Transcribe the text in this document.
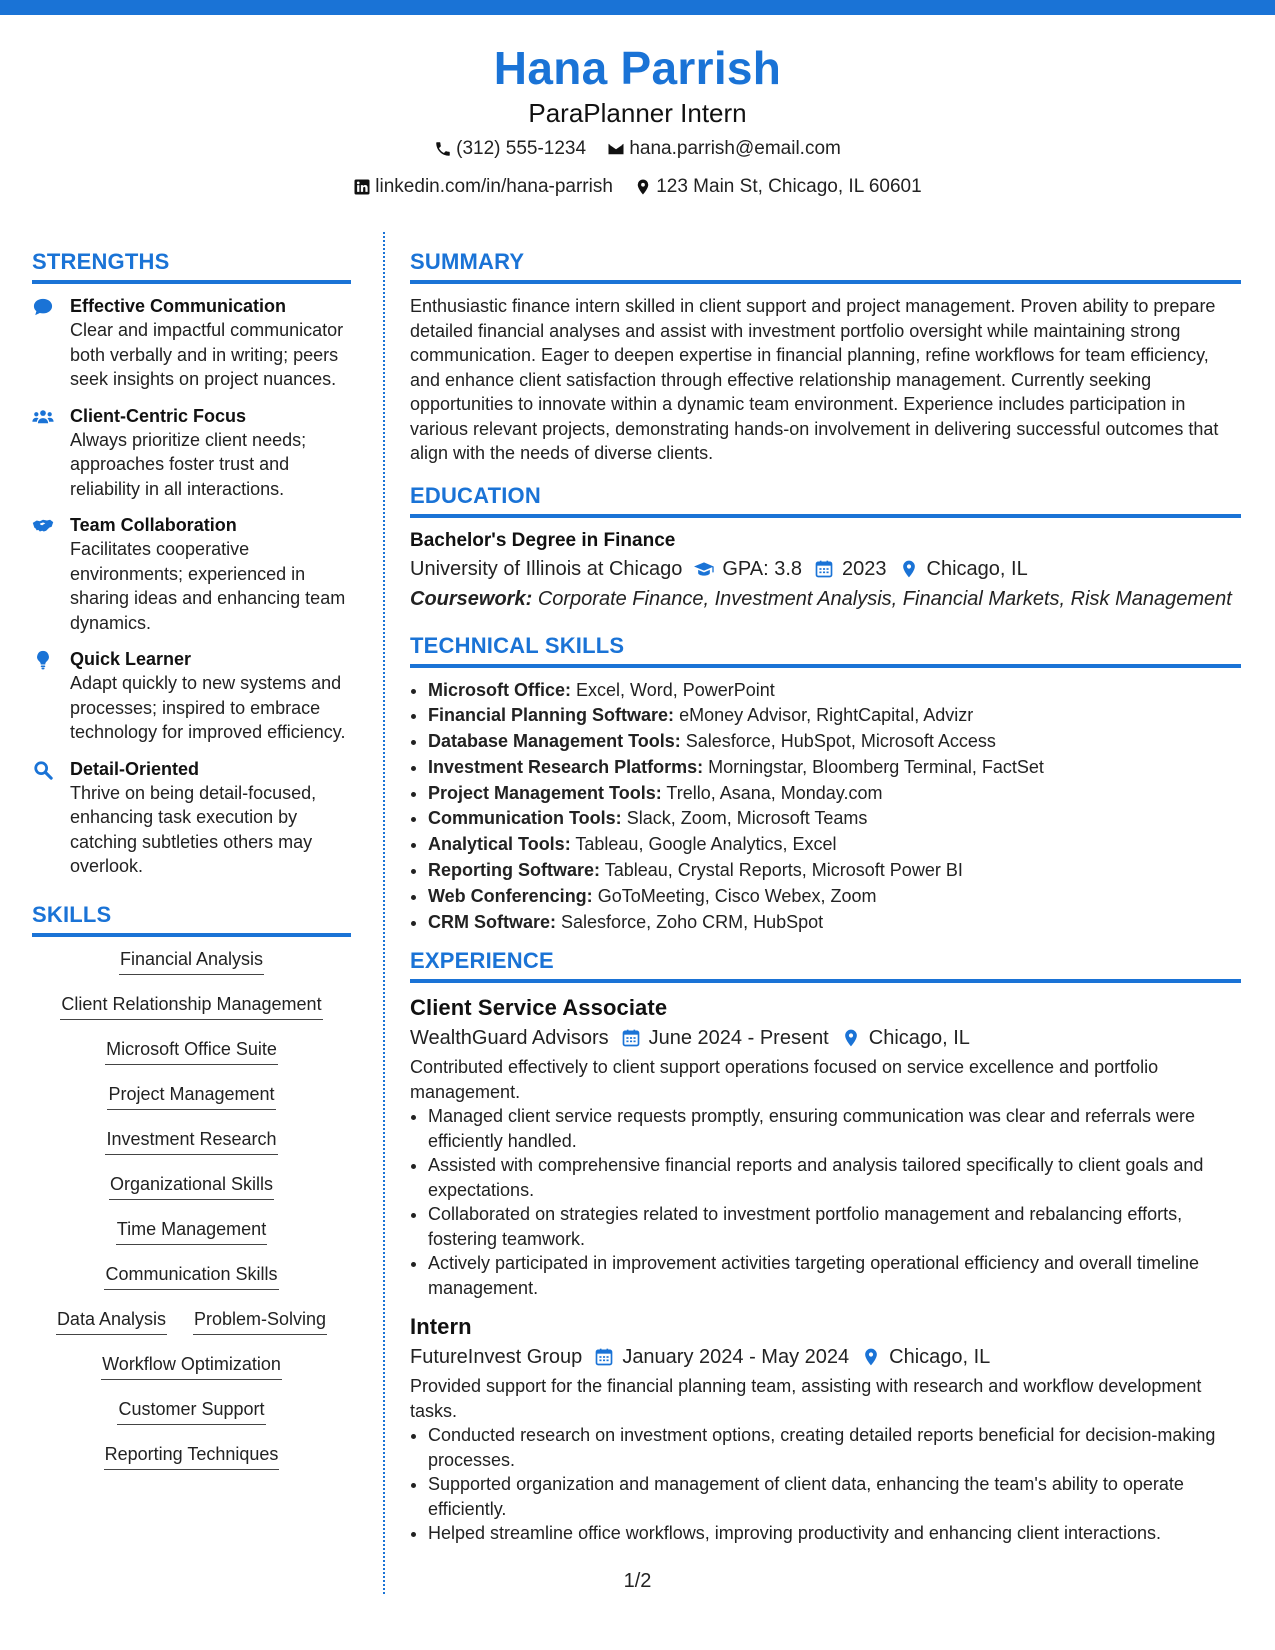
Hana Parrish
ParaPlanner Intern
(312) 555-1234
hana.parrish@email.com
linkedin.com/in/hana-parrish
123 Main St, Chicago, IL 60601
STRENGTHS
Effective Communication
Clear and impactful communicator both verbally and in writing; peers seek insights on project nuances.
Client-Centric Focus
Always prioritize client needs; approaches foster trust and reliability in all interactions.
Team Collaboration
Facilitates cooperative environments; experienced in sharing ideas and enhancing team dynamics.
Quick Learner
Adapt quickly to new systems and processes; inspired to embrace technology for improved efficiency.
Detail-Oriented
Thrive on being detail-focused, enhancing task execution by catching subtleties others may overlook.
SKILLS
Financial Analysis
Client Relationship Management
Microsoft Office Suite
Project Management
Investment Research
Organizational Skills
Time Management
Communication Skills
Data Analysis Problem-Solving
Workflow Optimization
Customer Support
Reporting Techniques
SUMMARY

Enthusiastic finance intern skilled in client support and project management. Proven ability to prepare detailed financial analyses and assist with investment portfolio oversight while maintaining strong communication. Eager to deepen expertise in financial planning, refine workflows for team efficiency, and enhance client satisfaction through effective relationship management. Currently seeking opportunities to innovate within a dynamic team environment. Experience includes participation in various relevant projects, demonstrating hands-on involvement in delivering successful outcomes that align with the needs of diverse clients.

EDUCATION
Bachelor's Degree in Finance
University of Illinois at Chicago GPA: 3.8 2023 Chicago, IL
Coursework: Corporate Finance, Investment Analysis, Financial Markets, Risk Management
TECHNICAL SKILLS
• Microsoft Office: Excel, Word, PowerPoint
• Financial Planning Software: eMoney Advisor, RightCapital, Advizr
• Database Management Tools: Salesforce, HubSpot, Microsoft Access
• Investment Research Platforms: Morningstar, Bloomberg Terminal, FactSet
• Project Management Tools: Trello, Asana, Monday.com
• Communication Tools: Slack, Zoom, Microsoft Teams
• Analytical Tools: Tableau, Google Analytics, Excel
• Reporting Software: Tableau, Crystal Reports, Microsoft Power BI
• Web Conferencing: GoToMeeting, Cisco Webex, Zoom
• CRM Software: Salesforce, Zoho CRM, HubSpot
EXPERIENCE
Client Service Associate
WealthGuard Advisors June 2024 - Present Chicago, IL

Contributed effectively to client support operations focused on service excellence and portfolio management.

• Managed client service requests promptly, ensuring communication was clear and referrals were efficiently handled.
• Assisted with comprehensive financial reports and analysis tailored specifically to client goals and expectations.
• Collaborated on strategies related to investment portfolio management and rebalancing efforts, fostering teamwork.
• Actively participated in improvement activities targeting operational efficiency and overall timeline management.
Intern
FutureInvest Group January 2024 - May 2024 Chicago, IL

Provided support for the financial planning team, assisting with research and workflow development tasks.

• Conducted research on investment options, creating detailed reports beneficial for decision-making processes.
• Supported organization and management of client data, enhancing the team's ability to operate efficiently.
• Helped streamline office workflows, improving productivity and enhancing client interactions.
1/2
